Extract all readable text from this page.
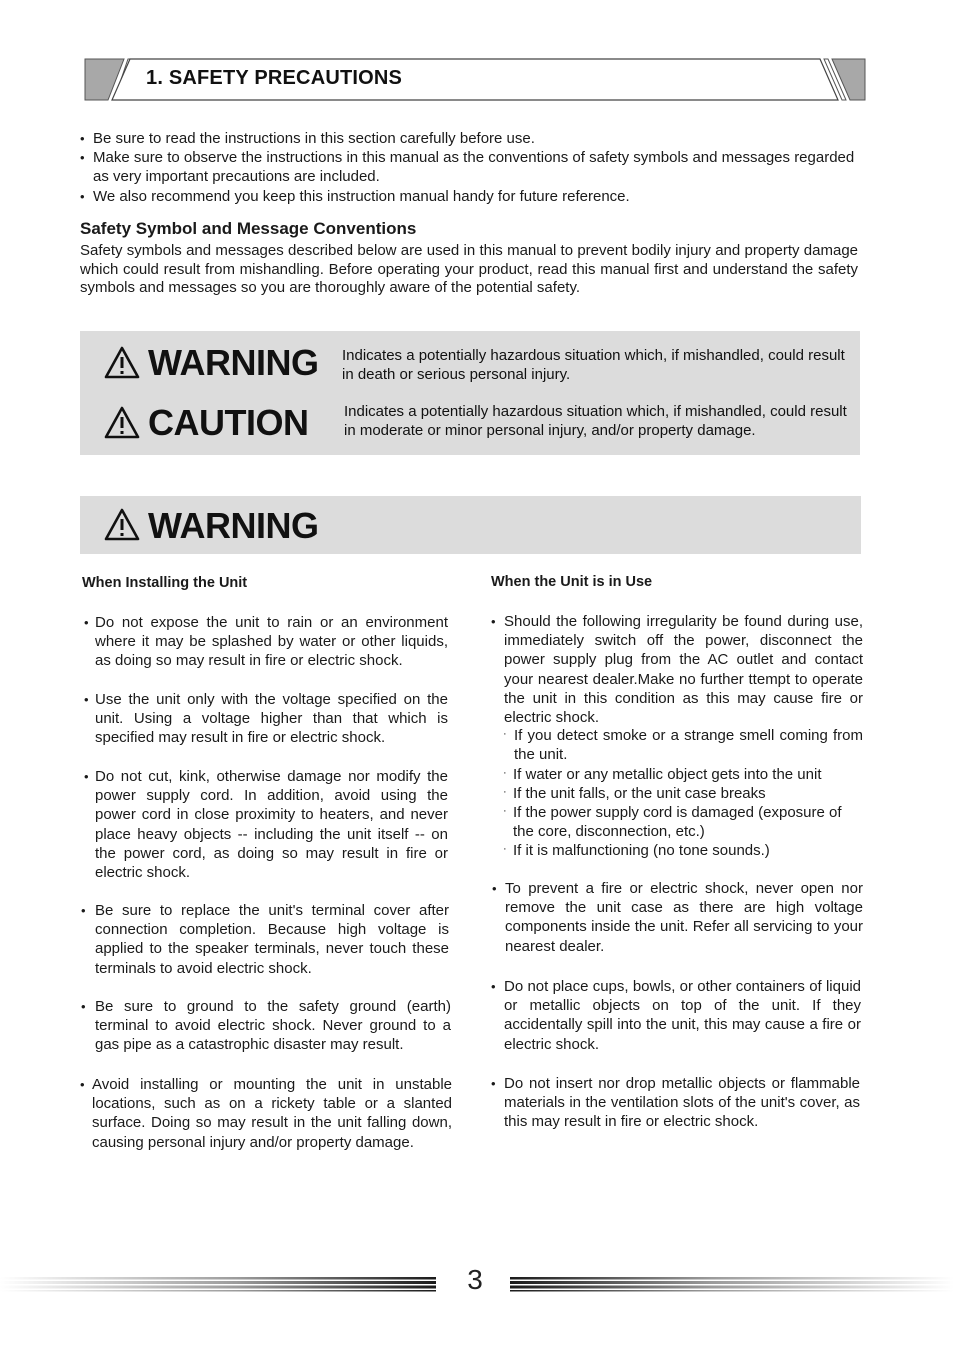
1. SAFETY PRECAUTIONS
• Be sure to read the instructions in this section carefully before use.
• Make sure to observe the instructions in this manual as the conventions of safety symbols and messages regarded as very important precautions are included.
• We also recommend you keep this instruction manual handy for future reference.
Safety Symbol and Message Conventions
Safety symbols and messages described below are used in this manual to prevent bodily injury and property damage which could result from mishandling. Before operating your product, read this manual first and understand the safety symbols and messages so you are thoroughly aware of the potential safety.
WARNING Indicates a potentially hazardous situation which, if mishandled, could result in death or serious personal injury.
CAUTION Indicates a potentially hazardous situation which, if mishandled, could result in moderate or minor personal injury, and/or property damage.
WARNING
When Installing the Unit
• Do not expose the unit to rain or an environment where it may be splashed by water or other liquids, as doing so may result in fire or electric shock.
• Use the unit only with the voltage specified on the unit. Using a voltage higher than that which is specified may result in fire or electric shock.
• Do not cut, kink, otherwise damage nor modify the power supply cord. In addition, avoid using the power cord in close proximity to heaters, and never place heavy objects -- including the unit itself -- on the power cord, as doing so may result in fire or electric shock.
• Be sure to replace the unit's terminal cover after connection completion. Because high voltage is applied to the speaker terminals, never touch these terminals to avoid electric shock.
• Be sure to ground to the safety ground (earth) terminal to avoid electric shock. Never ground to a gas pipe as a catastrophic disaster may result.
• Avoid installing or mounting the unit in unstable locations, such as on a rickety table or a slanted surface. Doing so may result in the unit falling down, causing personal injury and/or property damage.
When the Unit is in Use
• Should the following irregularity be found during use, immediately switch off the power, disconnect the power supply plug from the AC outlet and contact your nearest dealer.Make no further ttempt to operate the unit in this condition as this may cause fire or electric shock.
· If you detect smoke or a strange smell coming from the unit.
· If water or any metallic object gets into the unit
· If the unit falls, or the unit case breaks
· If the power supply cord is damaged (exposure of the core, disconnection, etc.)
· If it is malfunctioning (no tone sounds.)
• To prevent a fire or electric shock, never open nor remove the unit case as there are high voltage components inside the unit. Refer all servicing to your nearest dealer.
• Do not place cups, bowls, or other containers of liquid or metallic objects on top of the unit. If they accidentally spill into the unit, this may cause a fire or electric shock.
• Do not insert nor drop metallic objects or flammable materials in the ventilation slots of the unit's cover, as this may result in fire or electric shock.
3
